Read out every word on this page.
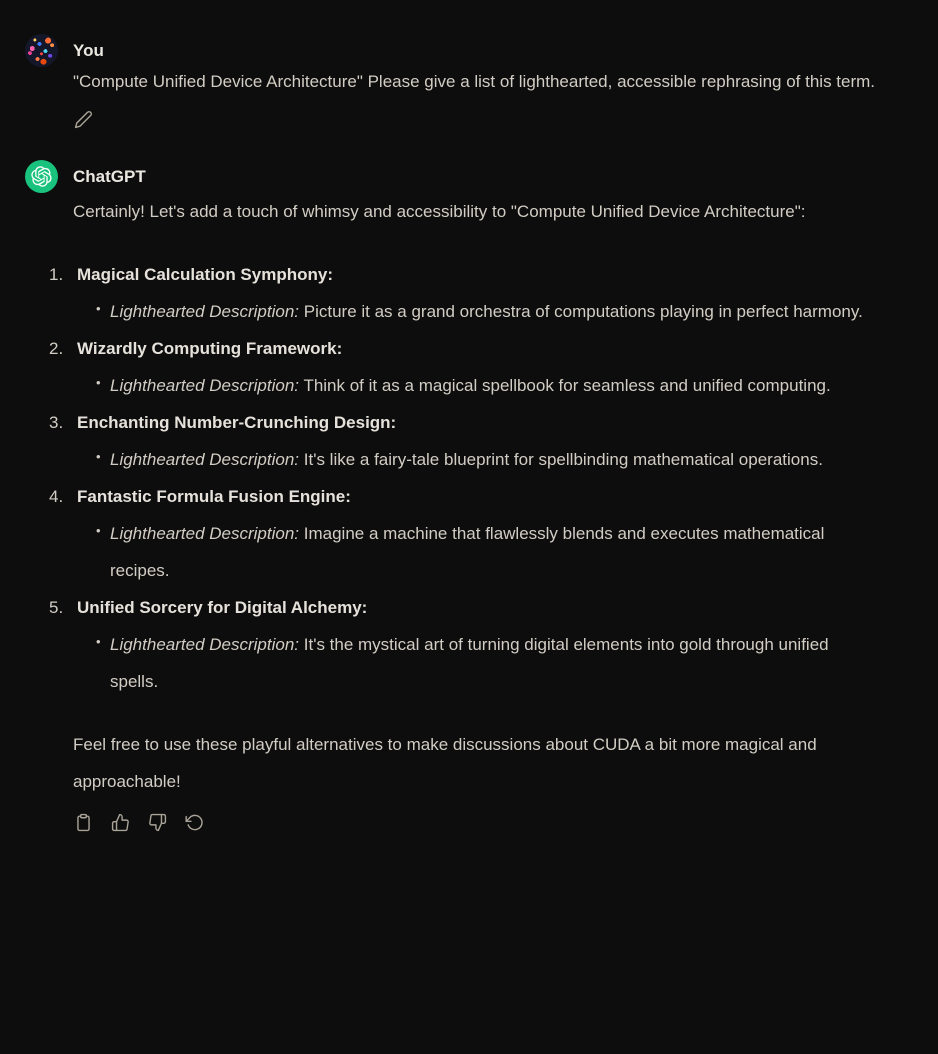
You

"Compute Unified Device Architecture" Please give a list of lighthearted, accessible rephrasing of this term.

ChatGPT

Certainly! Let's add a touch of whimsy and accessibility to "Compute Unified Device Architecture":

1. Magical Calculation Symphony:
• Lighthearted Description: Picture it as a grand orchestra of computations playing in perfect harmony.
2. Wizardly Computing Framework:
• Lighthearted Description: Think of it as a magical spellbook for seamless and unified computing.
3. Enchanting Number-Crunching Design:
• Lighthearted Description: It's like a fairy-tale blueprint for spellbinding mathematical operations.
4. Fantastic Formula Fusion Engine:
• Lighthearted Description: Imagine a machine that flawlessly blends and executes mathematical recipes.
5. Unified Sorcery for Digital Alchemy:
• Lighthearted Description: It's the mystical art of turning digital elements into gold through unified spells.

Feel free to use these playful alternatives to make discussions about CUDA a bit more magical and approachable!
